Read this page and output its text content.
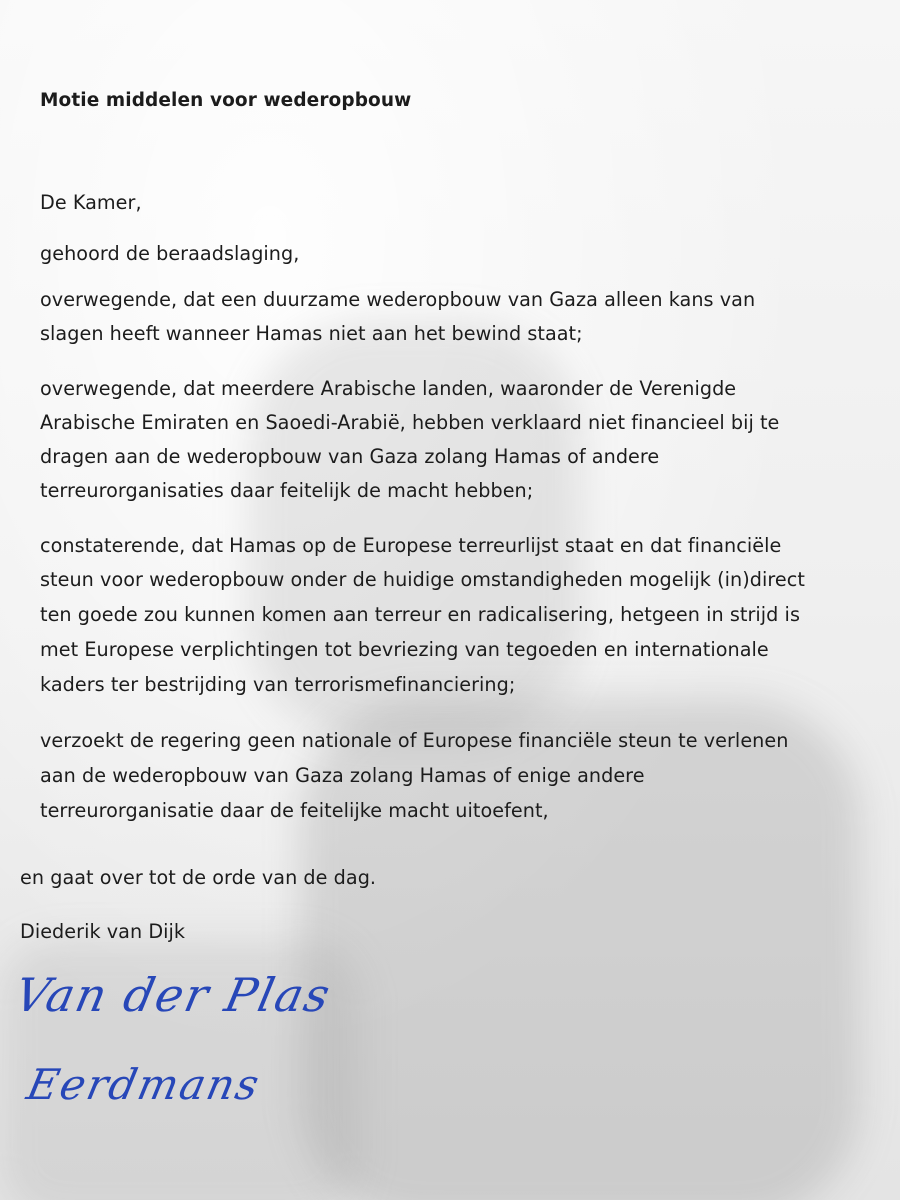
Motie middelen voor wederopbouw
De Kamer,
gehoord de beraadslaging,
overwegende, dat een duurzame wederopbouw van Gaza alleen kans van
slagen heeft wanneer Hamas niet aan het bewind staat;
overwegende, dat meerdere Arabische landen, waaronder de Verenigde
Arabische Emiraten en Saoedi-Arabië, hebben verklaard niet financieel bij te
dragen aan de wederopbouw van Gaza zolang Hamas of andere
terreurorganisaties daar feitelijk de macht hebben;
constaterende, dat Hamas op de Europese terreurlijst staat en dat financiële
steun voor wederopbouw onder de huidige omstandigheden mogelijk (in)direct
ten goede zou kunnen komen aan terreur en radicalisering, hetgeen in strijd is
met Europese verplichtingen tot bevriezing van tegoeden en internationale
kaders ter bestrijding van terrorismefinanciering;
verzoekt de regering geen nationale of Europese financiële steun te verlenen
aan de wederopbouw van Gaza zolang Hamas of enige andere
terreurorganisatie daar de feitelijke macht uitoefent,
en gaat over tot de orde van de dag.
Diederik van Dijk
Van der Plas
Eerdmans
